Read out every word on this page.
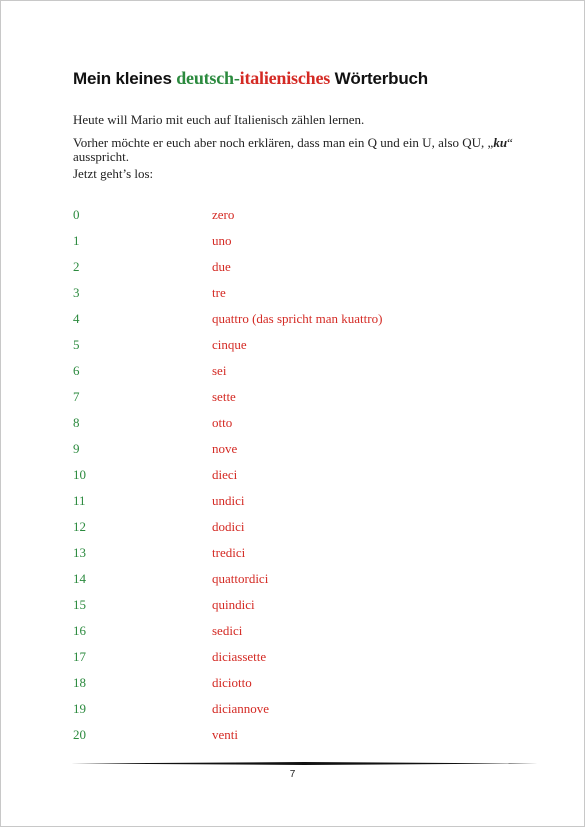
Mein kleines deutsch-italienisches Wörterbuch
Heute will Mario mit euch auf Italienisch zählen lernen.
Vorher möchte er euch aber noch erklären, dass man ein Q und ein U, also QU, „ku“ ausspricht.
Jetzt geht’s los:
0	zero
1	uno
2	due
3	tre
4	quattro (das spricht man kuattro)
5	cinque
6	sei
7	sette
8	otto
9	nove
10	dieci
11	undici
12	dodici
13	tredici
14	quattordici
15	quindici
16	sedici
17	diciassette
18	diciotto
19	diciannove
20	venti
7
